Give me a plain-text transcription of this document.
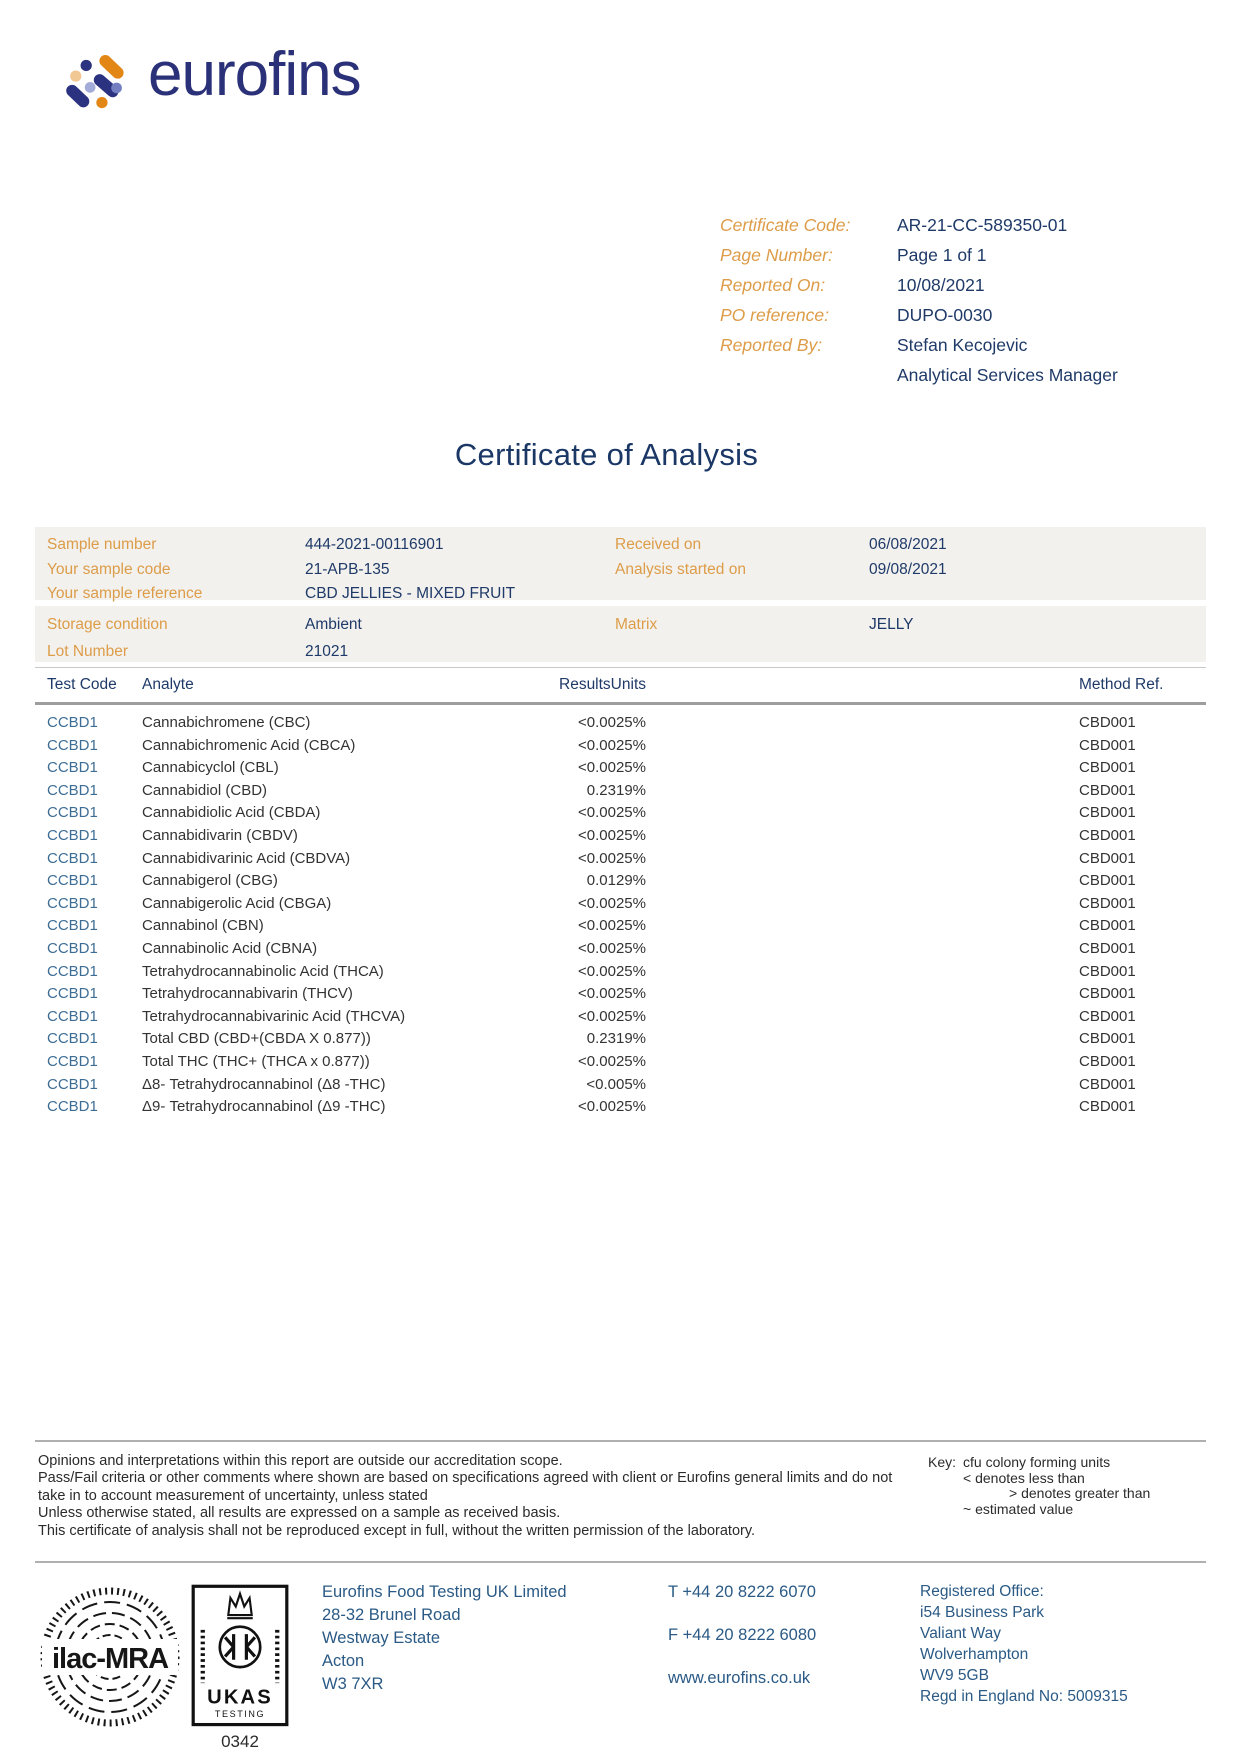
eurofins
Certificate Code:	AR-21-CC-589350-01
Page Number:	Page 1 of 1
Reported On:	10/08/2021
PO reference:	DUPO-0030
Reported By:	Stefan Kecojevic
Analytical Services Manager
Certificate of Analysis
Sample number	444-2021-00116901
Your sample code	21-APB-135
Your sample reference	CBD JELLIES - MIXED FRUIT
Received on	06/08/2021
Analysis started on	09/08/2021
Storage condition	Ambient
Lot Number	21021
Matrix	JELLY
Test Code	Analyte	ResultsUnits	Method Ref.
CCBD1	Cannabichromene (CBC)	<0.0025%	CBD001
CCBD1	Cannabichromenic Acid (CBCA)	<0.0025%	CBD001
CCBD1	Cannabicyclol (CBL)	<0.0025%	CBD001
CCBD1	Cannabidiol (CBD)	0.2319%	CBD001
CCBD1	Cannabidiolic Acid (CBDA)	<0.0025%	CBD001
CCBD1	Cannabidivarin (CBDV)	<0.0025%	CBD001
CCBD1	Cannabidivarinic Acid (CBDVA)	<0.0025%	CBD001
CCBD1	Cannabigerol (CBG)	0.0129%	CBD001
CCBD1	Cannabigerolic Acid (CBGA)	<0.0025%	CBD001
CCBD1	Cannabinol (CBN)	<0.0025%	CBD001
CCBD1	Cannabinolic Acid (CBNA)	<0.0025%	CBD001
CCBD1	Tetrahydrocannabinolic Acid (THCA)	<0.0025%	CBD001
CCBD1	Tetrahydrocannabivarin (THCV)	<0.0025%	CBD001
CCBD1	Tetrahydrocannabivarinic Acid (THCVA)	<0.0025%	CBD001
CCBD1	Total CBD (CBD+(CBDA X 0.877))	0.2319%	CBD001
CCBD1	Total THC (THC+ (THCA x 0.877))	<0.0025%	CBD001
CCBD1	Δ8- Tetrahydrocannabinol (Δ8 -THC)	<0.005%	CBD001
CCBD1	Δ9- Tetrahydrocannabinol (Δ9 -THC)	<0.0025%	CBD001
Opinions and interpretations within this report are outside our accreditation scope.
Pass/Fail criteria or other comments where shown are based on specifications agreed with client or Eurofins general limits and do not
take in to account measurement of uncertainty, unless stated
Unless otherwise stated, all results are expressed on a sample as received basis.
This certificate of analysis shall not be reproduced except in full, without the written permission of the laboratory.
Key: cfu colony forming units
< denotes less than
> denotes greater than
~ estimated value
ilac-MRA
UKAS
TESTING
0342
Eurofins Food Testing UK Limited
28-32 Brunel Road
Westway Estate
Acton
W3 7XR
T +44 20 8222 6070
F +44 20 8222 6080
www.eurofins.co.uk
Registered Office:
i54 Business Park
Valiant Way
Wolverhampton
WV9 5GB
Regd in England No: 5009315
